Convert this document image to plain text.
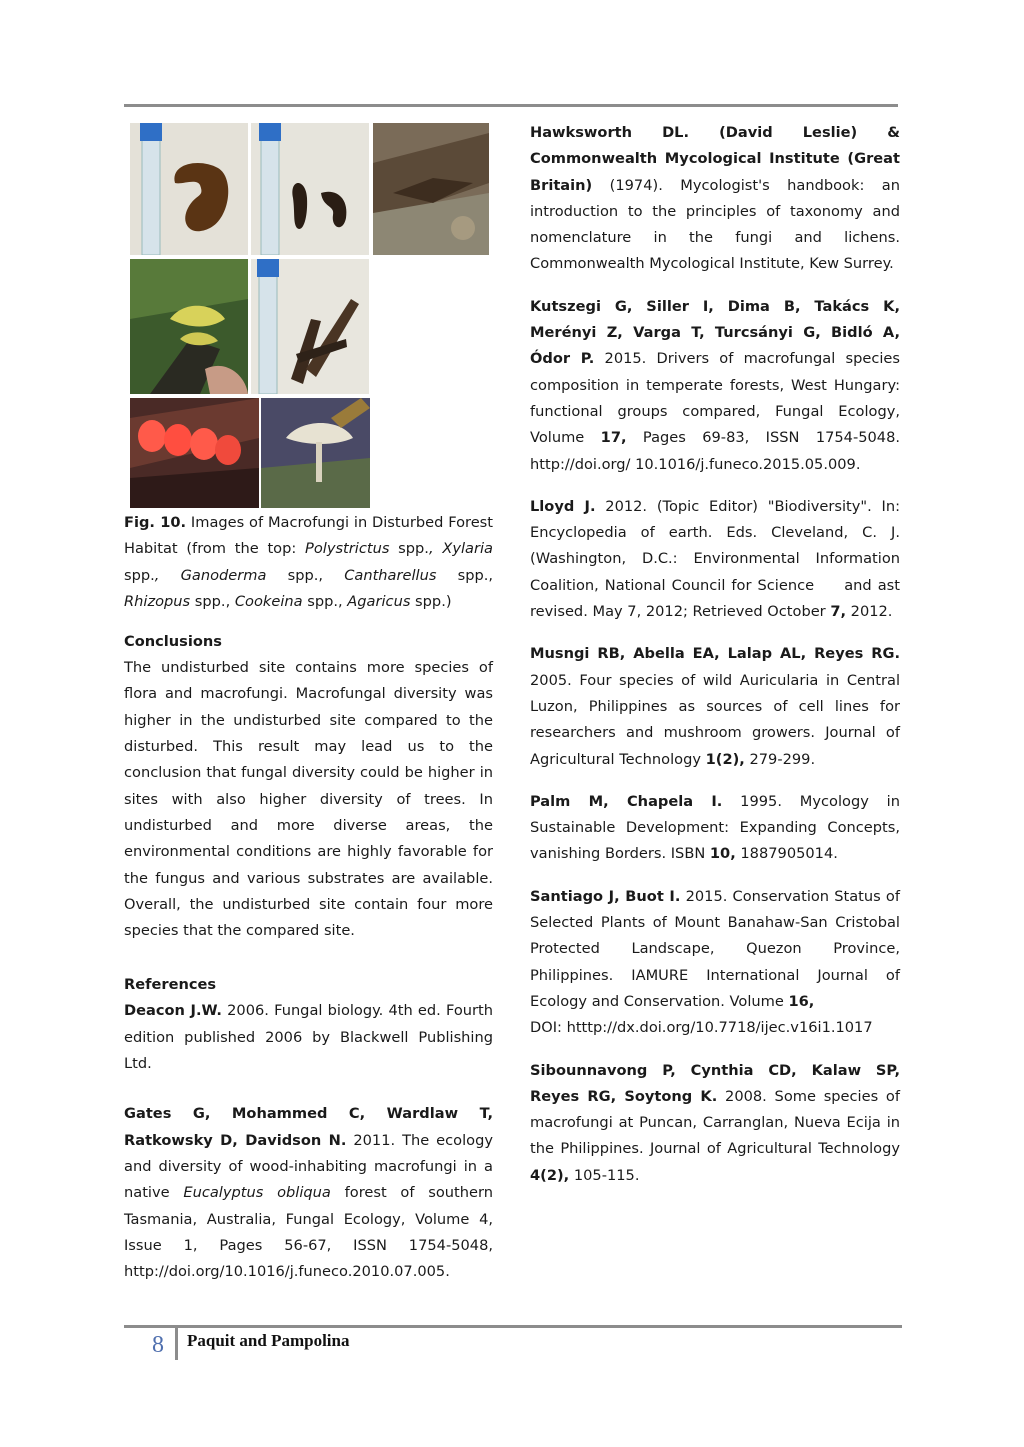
Fig. 10. Images of Macrofungi in Disturbed Forest Habitat (from the top: Polystrictus spp., Xylaria spp., Ganoderma spp., Cantharellus spp., Rhizopus spp., Cookeina spp., Agaricus spp.)

Conclusions

The undisturbed site contains more species of flora and macrofungi. Macrofungal diversity was higher in the undisturbed site compared to the disturbed. This result may lead us to the conclusion that fungal diversity could be higher in sites with also higher diversity of trees. In undisturbed and more diverse areas, the environmental conditions are highly favorable for the fungus and various substrates are available. Overall, the undisturbed site contain four more species that the compared site.

References

Deacon J.W. 2006. Fungal biology. 4th ed. Fourth edition published 2006 by Blackwell Publishing Ltd.

Gates G, Mohammed C, Wardlaw T, Ratkowsky D, Davidson N. 2011. The ecology and diversity of wood-inhabiting macrofungi in a native Eucalyptus obliqua forest of southern Tasmania, Australia, Fungal Ecology, Volume 4, Issue 1, Pages 56-67, ISSN 1754-5048, http://doi.org/10.1016/j.funeco.2010.07.005.

Hawksworth DL. (David Leslie) & Commonwealth Mycological Institute (Great Britain) (1974). Mycologist's handbook: an introduction to the principles of taxonomy and nomenclature in the fungi and lichens. Commonwealth Mycological Institute, Kew Surrey.

Kutszegi G, Siller I, Dima B, Takács K, Merényi Z, Varga T, Turcsányi G, Bidló A, Ódor P. 2015. Drivers of macrofungal species composition in temperate forests, West Hungary: functional groups compared, Fungal Ecology, Volume 17, Pages 69-83, ISSN 1754-5048. http://doi.org/ 10.1016/j.funeco.2015.05.009.

Lloyd J. 2012. (Topic Editor) "Biodiversity". In: Encyclopedia of earth. Eds. Cleveland, C. J. (Washington, D.C.: Environmental Information Coalition, National Council for Science     and ast revised. May 7, 2012; Retrieved October 7, 2012.

Musngi RB, Abella EA, Lalap AL, Reyes RG. 2005. Four species of wild Auricularia in Central Luzon, Philippines as sources of cell lines for researchers and mushroom growers. Journal of Agricultural Technology 1(2), 279-299.

Palm M, Chapela I. 1995. Mycology in Sustainable Development: Expanding Concepts, vanishing Borders. ISBN 10, 1887905014.

Santiago J, Buot I. 2015. Conservation Status of Selected Plants of Mount Banahaw-San Cristobal Protected Landscape, Quezon Province, Philippines. IAMURE International Journal of Ecology and Conservation. Volume 16,

DOI: htttp://dx.doi.org/10.7718/ijec.v16i1.1017

Sibounnavong P, Cynthia CD, Kalaw SP, Reyes RG, Soytong K. 2008. Some species of macrofungi at Puncan, Carranglan, Nueva Ecija in the Philippines. Journal of Agricultural Technology 4(2), 105-115.

8 Paquit and Pampolina
